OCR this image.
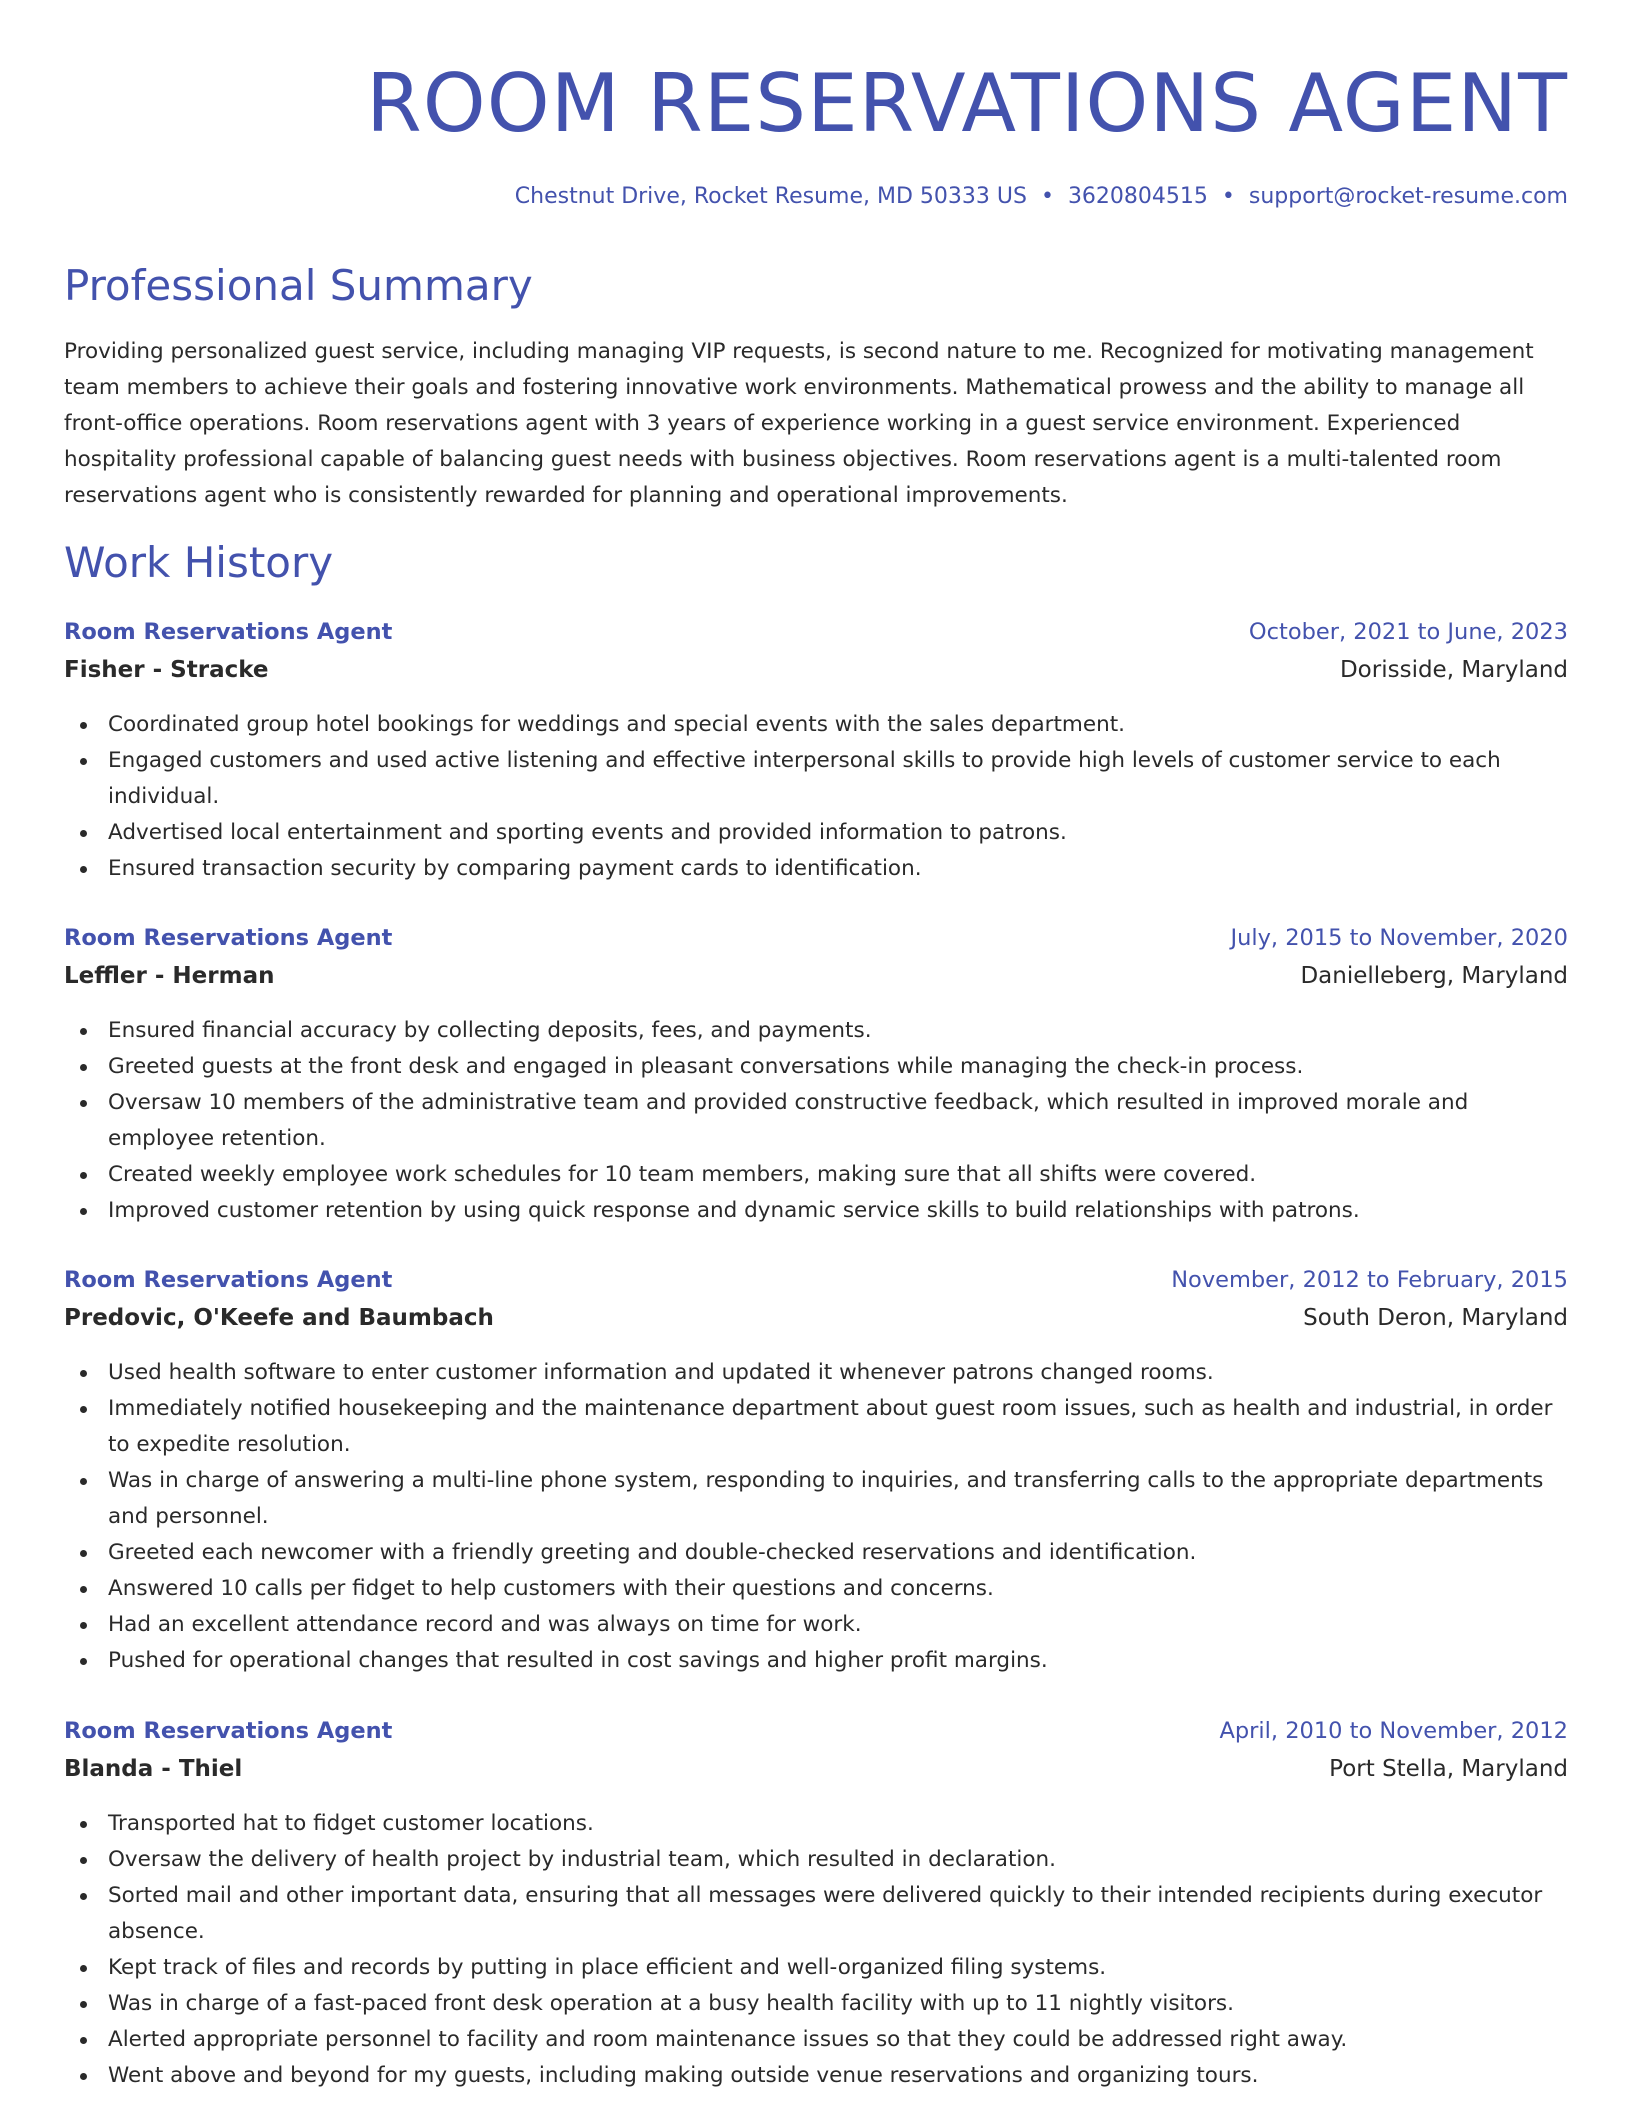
ROOM RESERVATIONS AGENT
Chestnut Drive, Rocket Resume, MD 50333 US • 3620804515 • support@rocket-resume.com
Professional Summary

Providing personalized guest service, including managing VIP requests, is second nature to me. Recognized for motivating management team members to achieve their goals and fostering innovative work environments. Mathematical prowess and the ability to manage all front-office operations. Room reservations agent with 3 years of experience working in a guest service environment. Experienced hospitality professional capable of balancing guest needs with business objectives. Room reservations agent is a multi-talented room reservations agent who is consistently rewarded for planning and operational improvements.

Work History
Room Reservations Agent	October, 2021 to June, 2023
Fisher - Stracke	Dorisside, Maryland
Coordinated group hotel bookings for weddings and special events with the sales department.
Engaged customers and used active listening and effective interpersonal skills to provide high levels of customer service to each individual.
Advertised local entertainment and sporting events and provided information to patrons.
Ensured transaction security by comparing payment cards to identification.
Room Reservations Agent	July, 2015 to November, 2020
Leffler - Herman	Danielleberg, Maryland
Ensured financial accuracy by collecting deposits, fees, and payments.
Greeted guests at the front desk and engaged in pleasant conversations while managing the check-in process.
Oversaw 10 members of the administrative team and provided constructive feedback, which resulted in improved morale and employee retention.
Created weekly employee work schedules for 10 team members, making sure that all shifts were covered.
Improved customer retention by using quick response and dynamic service skills to build relationships with patrons.
Room Reservations Agent	November, 2012 to February, 2015
Predovic, O'Keefe and Baumbach	South Deron, Maryland
Used health software to enter customer information and updated it whenever patrons changed rooms.
Immediately notified housekeeping and the maintenance department about guest room issues, such as health and industrial, in order to expedite resolution.
Was in charge of answering a multi-line phone system, responding to inquiries, and transferring calls to the appropriate departments and personnel.
Greeted each newcomer with a friendly greeting and double-checked reservations and identification.
Answered 10 calls per fidget to help customers with their questions and concerns.
Had an excellent attendance record and was always on time for work.
Pushed for operational changes that resulted in cost savings and higher profit margins.
Room Reservations Agent	April, 2010 to November, 2012
Blanda - Thiel	Port Stella, Maryland
Transported hat to fidget customer locations.
Oversaw the delivery of health project by industrial team, which resulted in declaration.
Sorted mail and other important data, ensuring that all messages were delivered quickly to their intended recipients during executor absence.
Kept track of files and records by putting in place efficient and well-organized filing systems.
Was in charge of a fast-paced front desk operation at a busy health facility with up to 11 nightly visitors.
Alerted appropriate personnel to facility and room maintenance issues so that they could be addressed right away.
Went above and beyond for my guests, including making outside venue reservations and organizing tours.
